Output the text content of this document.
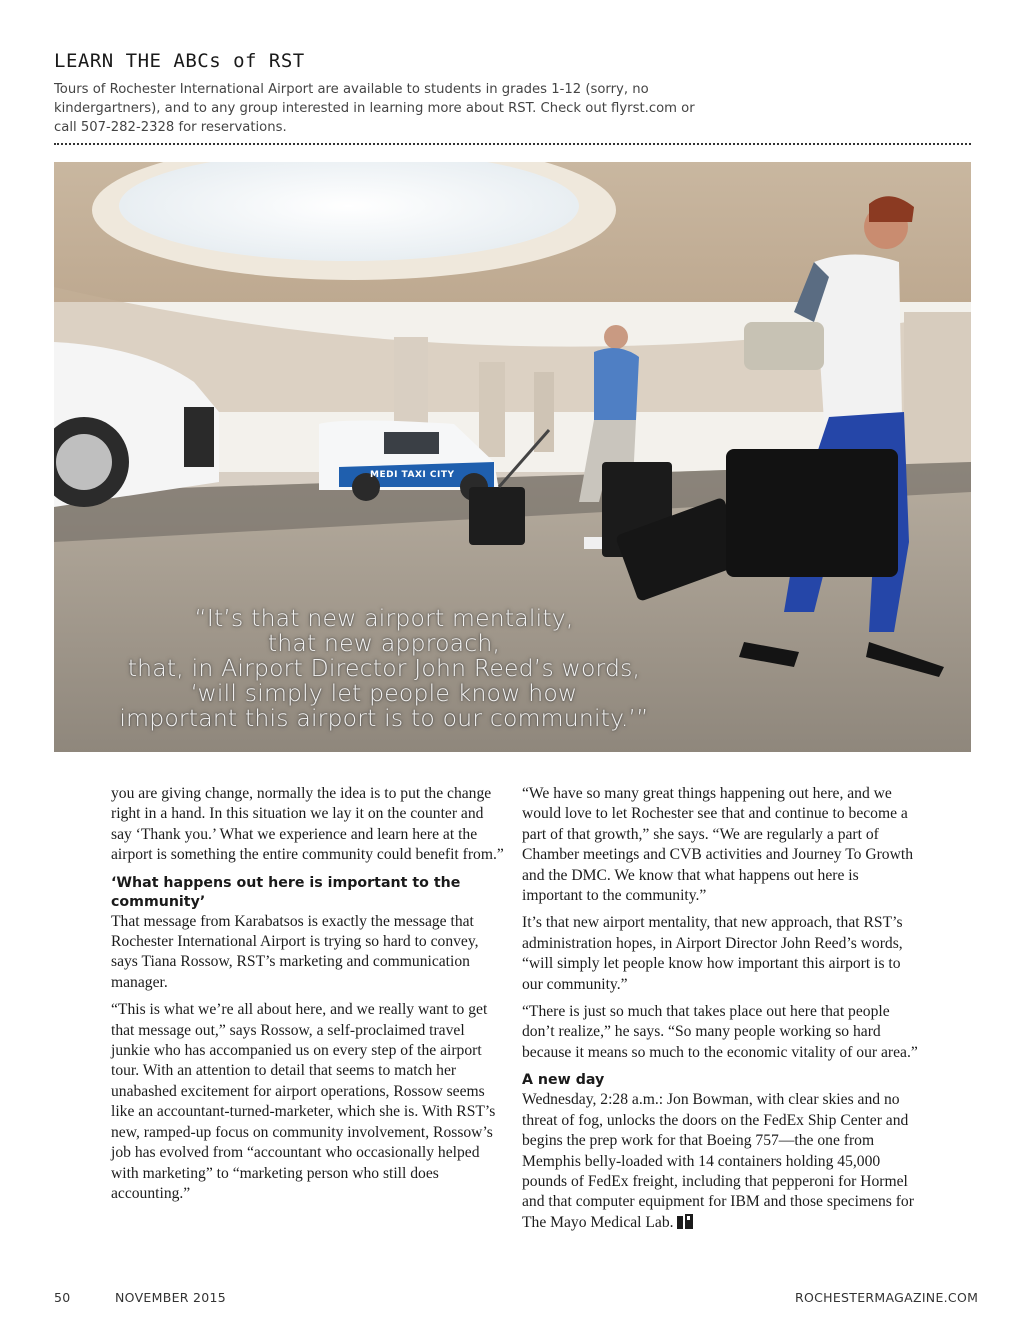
LEARN THE ABCs of RST
Tours of Rochester International Airport are available to students in grades 1-12 (sorry, no kindergartners), and to any group interested in learning more about RST. Check out flyrst.com or call 507-282-2328 for reservations.
“It’s that new airport mentality,
that new approach,
that, in Airport Director John Reed’s words,
‘will simply let people know how
important this airport is to our community.’”
MEDI TAXI CITY

you are giving change, normally the idea is to put the change right in a hand. In this situation we lay it on the counter and say ‘Thank you.’ What we experience and learn here at the airport is something the entire community could benefit from.”

‘What happens out here is important to the community’

That message from Karabatsos is exactly the message that Rochester International Airport is trying so hard to convey, says Tiana Rossow, RST’s marketing and communication manager.

“This is what we’re all about here, and we really want to get that message out,” says Rossow, a self-proclaimed travel junkie who has accompanied us on every step of the airport tour. With an attention to detail that seems to match her unabashed excitement for airport operations, Rossow seems like an accountant-turned-marketer, which she is. With RST’s new, ramped-up focus on community involvement, Rossow’s job has evolved from “accountant who occasionally helped with marketing” to “marketing person who still does accounting.”

“We have so many great things happening out here, and we would love to let Rochester see that and continue to become a part of that growth,” she says. “We are regularly a part of Chamber meetings and CVB activities and Journey To Growth and the DMC. We know that what happens out here is important to the community.”

It’s that new airport mentality, that new approach, that RST’s administration hopes, in Airport Director John Reed’s words, “will simply let people know how important this airport is to our community.”

“There is just so much that takes place out here that people don’t realize,” he says. “So many people working so hard because it means so much to the economic vitality of our area.”

A new day

Wednesday, 2:28 a.m.: Jon Bowman, with clear skies and no threat of fog, unlocks the doors on the FedEx Ship Center and begins the prep work for that Boeing 757—the one from Memphis belly-loaded with 14 containers holding 45,000 pounds of FedEx freight, including that pepperoni for Hormel and that computer equipment for IBM and those specimens for The Mayo Medical Lab.

50	NOVEMBER 2015	ROCHESTERMAGAZINE.COM
